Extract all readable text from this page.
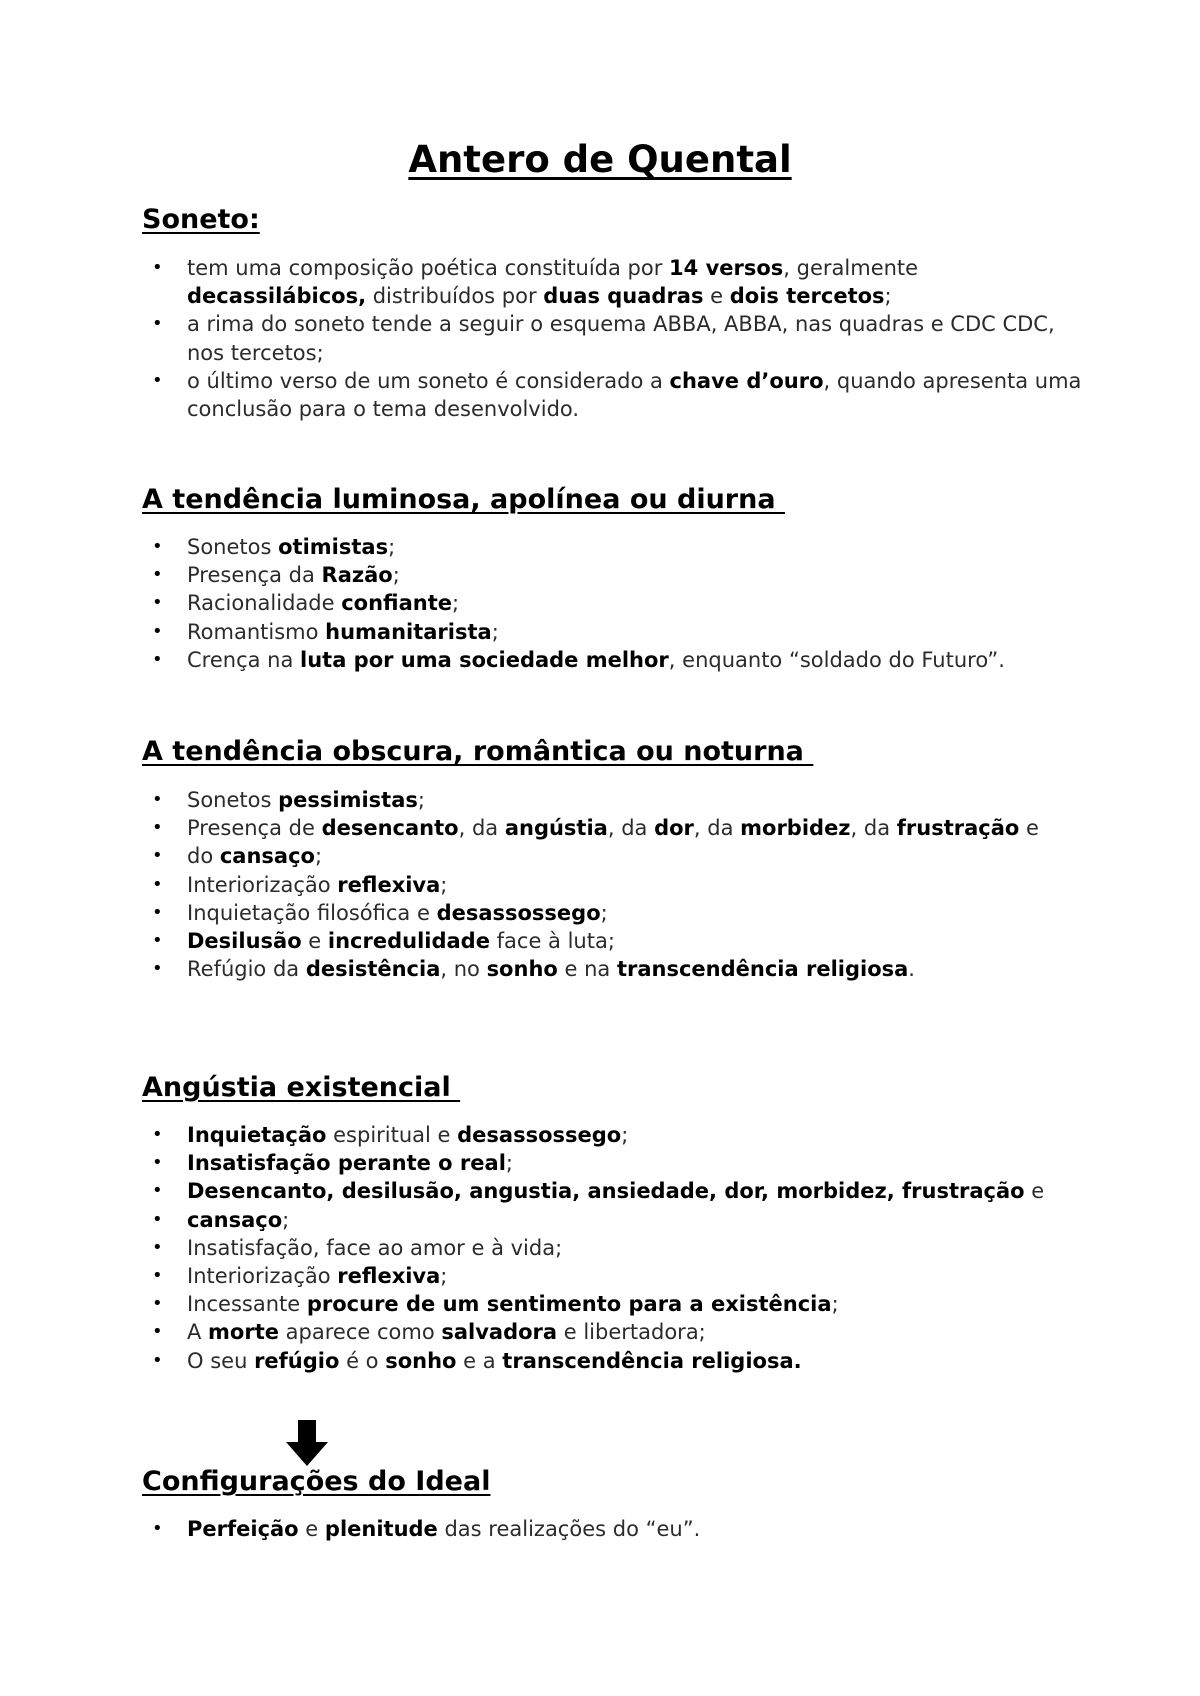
Antero de Quental
Soneto:
• tem uma composição poética constituída por 14 versos, geralmente decassilábicos, distribuídos por duas quadras e dois tercetos;
• a rima do soneto tende a seguir o esquema ABBA, ABBA, nas quadras e CDC CDC, nos tercetos;
• o último verso de um soneto é considerado a chave d’ouro, quando apresenta uma conclusão para o tema desenvolvido.
A tendência luminosa, apolínea ou diurna
• Sonetos otimistas;
• Presença da Razão;
• Racionalidade confiante;
• Romantismo humanitarista;
• Crença na luta por uma sociedade melhor, enquanto “soldado do Futuro”.
A tendência obscura, romântica ou noturna
• Sonetos pessimistas;
• Presença de desencanto, da angústia, da dor, da morbidez, da frustração e
• do cansaço;
• Interiorização reflexiva;
• Inquietação filosófica e desassossego;
• Desilusão e incredulidade face à luta;
• Refúgio da desistência, no sonho e na transcendência religiosa.
Angústia existencial
• Inquietação espiritual e desassossego;
• Insatisfação perante o real;
• Desencanto, desilusão, angustia, ansiedade, dor, morbidez, frustração e
• cansaço;
• Insatisfação, face ao amor e à vida;
• Interiorização reflexiva;
• Incessante procure de um sentimento para a existência;
• A morte aparece como salvadora e libertadora;
• O seu refúgio é o sonho e a transcendência religiosa.
Configurações do Ideal
• Perfeição e plenitude das realizações do “eu”.
